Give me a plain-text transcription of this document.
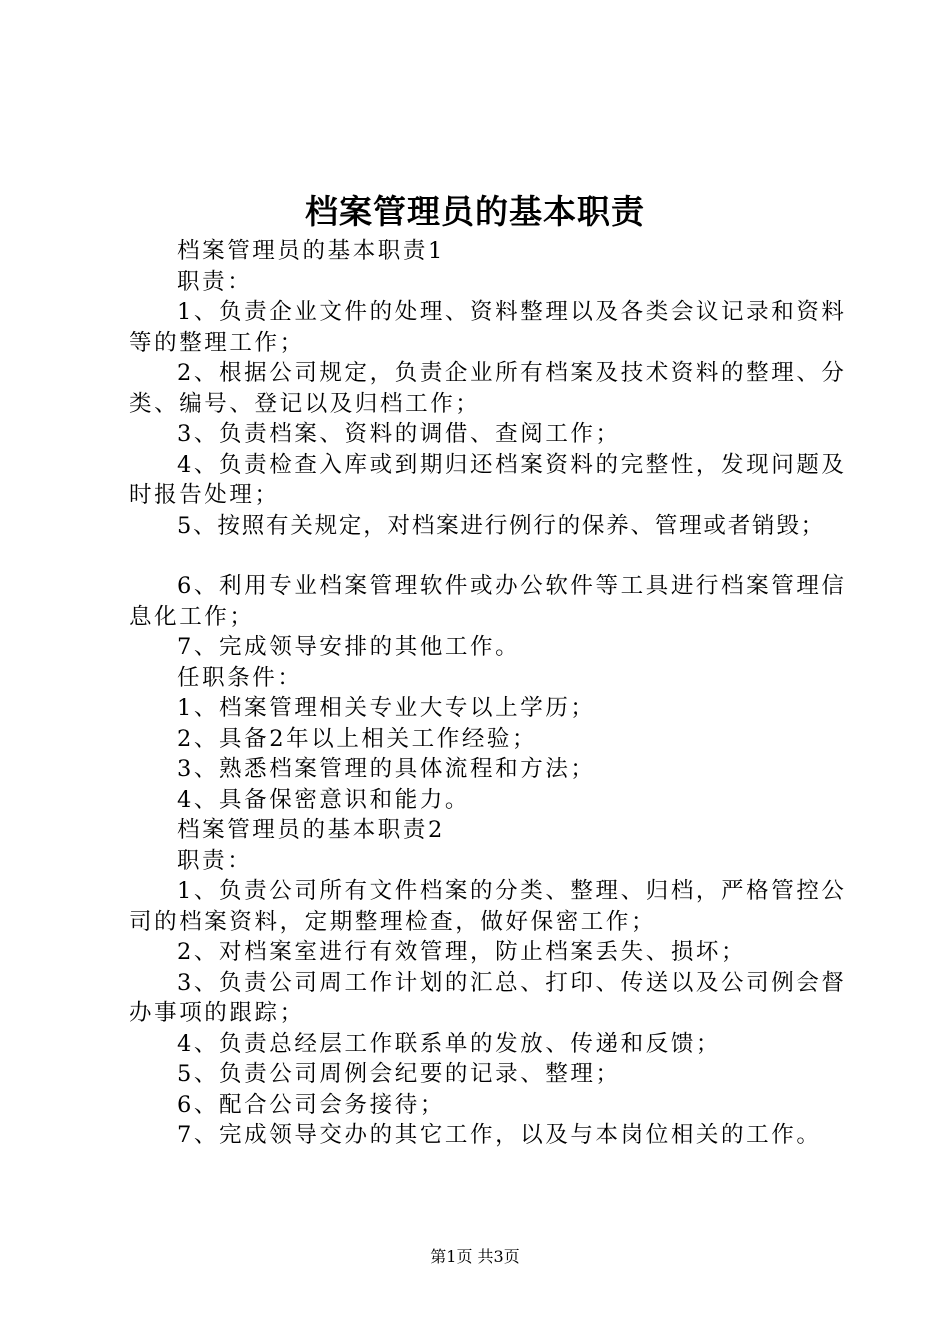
档案管理员的基本职责

档案管理员的基本职责1

职责：

1、负责企业文件的处理、资料整理以及各类会议记录和资料等的整理工作；

2、根据公司规定，负责企业所有档案及技术资料的整理、分类、编号、登记以及归档工作；

3、负责档案、资料的调借、查阅工作；

4、负责检查入库或到期归还档案资料的完整性，发现问题及时报告处理；

5、按照有关规定，对档案进行例行的保养、管理或者销毁；

6、利用专业档案管理软件或办公软件等工具进行档案管理信息化工作；

7、完成领导安排的其他工作。

任职条件：

1、档案管理相关专业大专以上学历；

2、具备2年以上相关工作经验；

3、熟悉档案管理的具体流程和方法；

4、具备保密意识和能力。

档案管理员的基本职责2

职责：

1、负责公司所有文件档案的分类、整理、归档，严格管控公司的档案资料，定期整理检查，做好保密工作；

2、对档案室进行有效管理，防止档案丢失、损坏；

3、负责公司周工作计划的汇总、打印、传送以及公司例会督办事项的跟踪；

4、负责总经层工作联系单的发放、传递和反馈；

5、负责公司周例会纪要的记录、整理；

6、配合公司会务接待；

7、完成领导交办的其它工作，以及与本岗位相关的工作。

第1页 共3页
